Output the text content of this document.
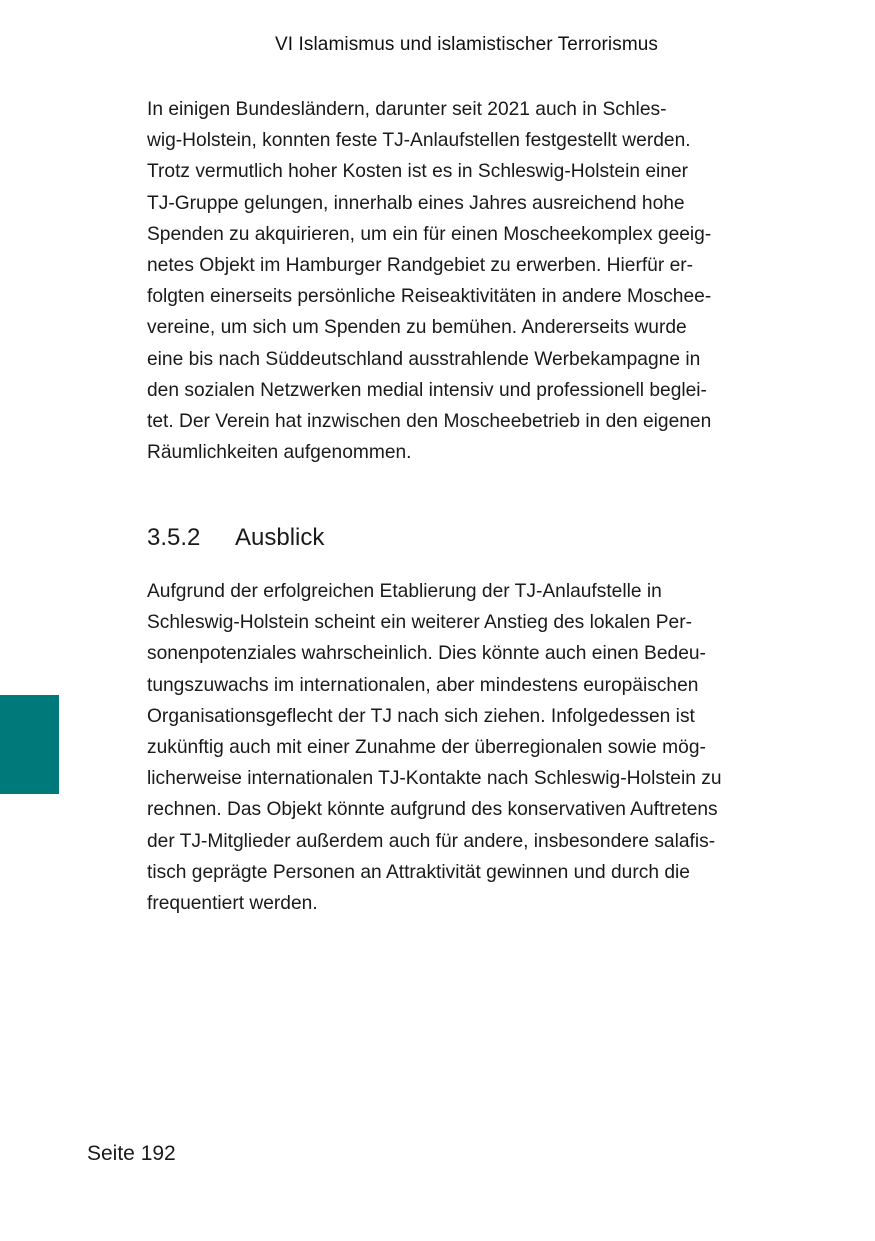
VI Islamismus und islamistischer Terrorismus
In einigen Bundesländern, darunter seit 2021 auch in Schles-
wig-Holstein, konnten feste TJ-Anlaufstellen festgestellt werden.
Trotz vermutlich hoher Kosten ist es in Schleswig-Holstein einer
TJ-Gruppe gelungen, innerhalb eines Jahres ausreichend hohe
Spenden zu akquirieren, um ein für einen Moscheekomplex geeig-
netes Objekt im Hamburger Randgebiet zu erwerben. Hierfür er-
folgten einerseits persönliche Reiseaktivitäten in andere Moschee-
vereine, um sich um Spenden zu bemühen. Andererseits wurde
eine bis nach Süddeutschland ausstrahlende Werbekampagne in
den sozialen Netzwerken medial intensiv und professionell beglei-
tet. Der Verein hat inzwischen den Moscheebetrieb in den eigenen
Räumlichkeiten aufgenommen.
3.5.2 Ausblick
Aufgrund der erfolgreichen Etablierung der TJ-Anlaufstelle in
Schleswig-Holstein scheint ein weiterer Anstieg des lokalen Per-
sonenpotenziales wahrscheinlich. Dies könnte auch einen Bedeu-
tungszuwachs im internationalen, aber mindestens europäischen
Organisationsgeflecht der TJ nach sich ziehen. Infolgedessen ist
zukünftig auch mit einer Zunahme der überregionalen sowie mög-
licherweise internationalen TJ-Kontakte nach Schleswig-Holstein zu
rechnen. Das Objekt könnte aufgrund des konservativen Auftretens
der TJ-Mitglieder außerdem auch für andere, insbesondere salafis-
tisch geprägte Personen an Attraktivität gewinnen und durch die
frequentiert werden.
Seite 192
